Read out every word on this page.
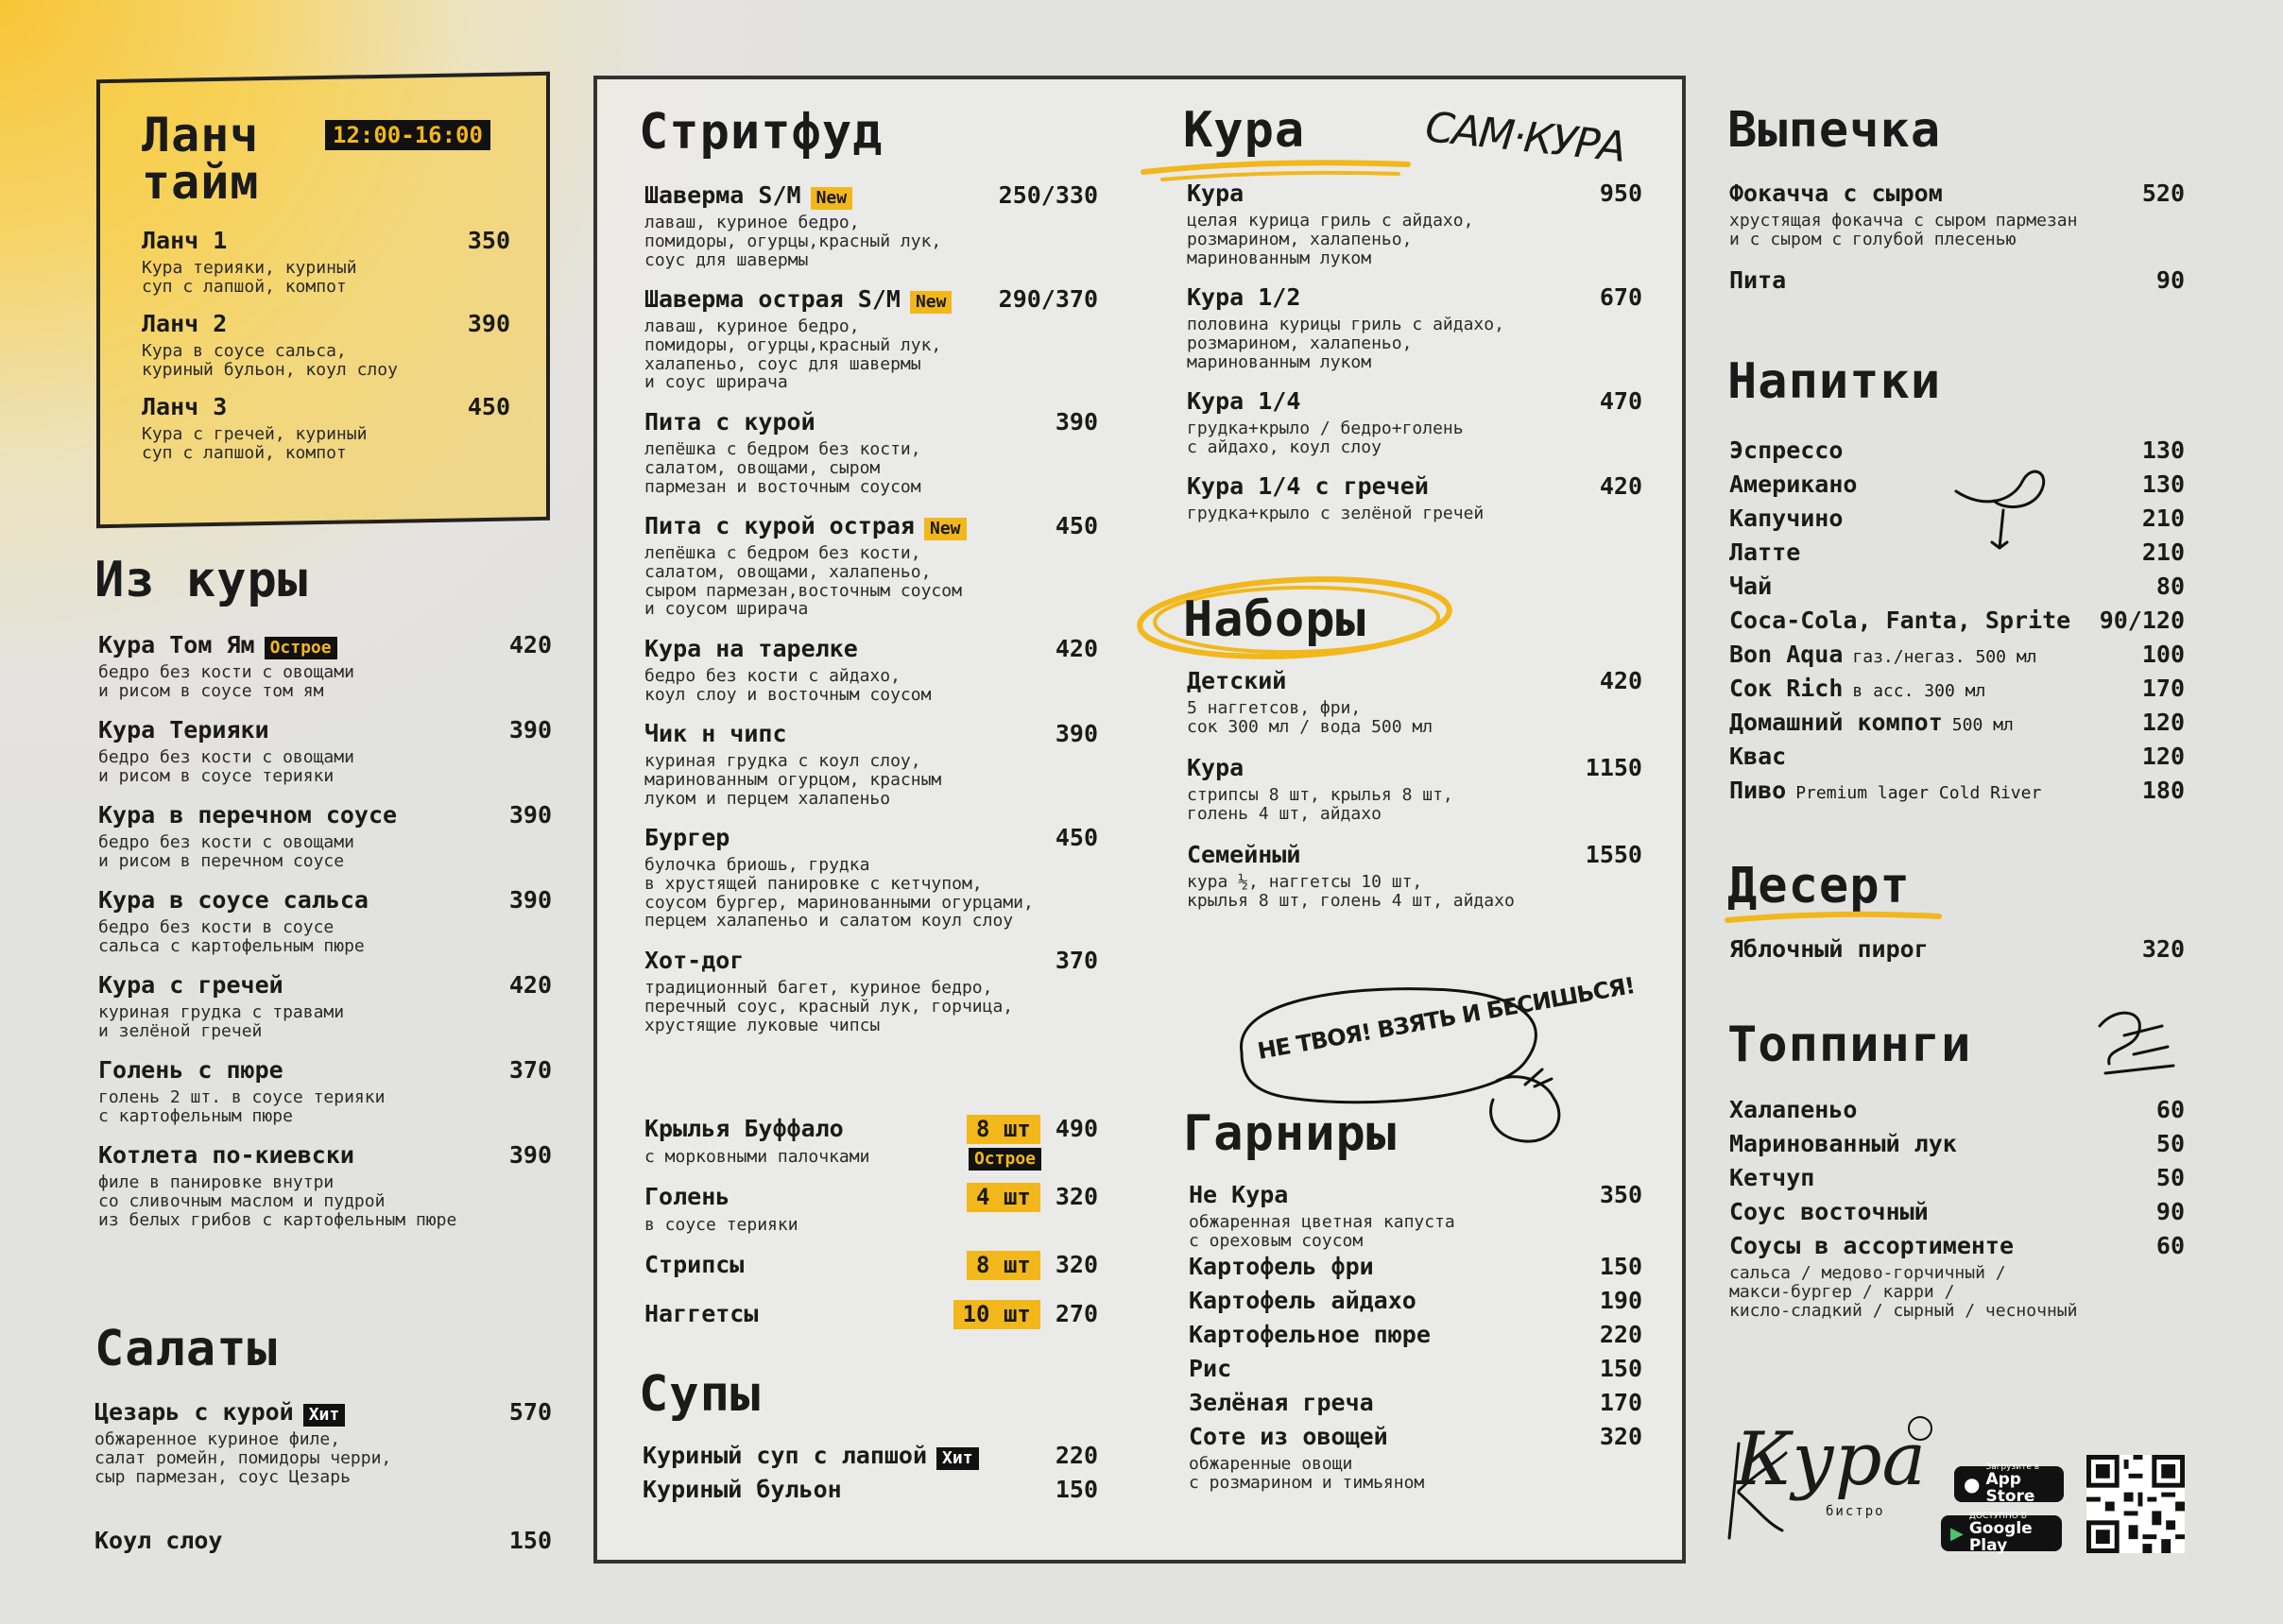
Ланч
тайм
12:00-16:00
Ланч 1	350
Кура терияки, куриный
суп с лапшой, компот
Ланч 2	390
Кура в соусе сальса,
куриный бульон, коул слоу
Ланч 3	450
Кура с гречей, куриный
суп с лапшой, компот
Из куры
Кура Том Ям Острое	420
бедро без кости с овощами
и рисом в соусе том ям
Кура Терияки	390
бедро без кости с овощами
и рисом в соусе терияки
Кура в перечном соусе	390
бедро без кости с овощами
и рисом в перечном соусе
Кура в соусе сальса	390
бедро без кости в соусе
сальса с картофельным пюре
Кура с гречей	420
куриная грудка с травами
и зелёной гречей
Голень с пюре	370
голень 2 шт. в соусе терияки
с картофельным пюре
Котлета по-киевски	390
филе в панировке внутри
со сливочным маслом и пудрой
из белых грибов с картофельным пюре
Салаты
Цезарь с курой Хит	570
обжаренное куриное филе,
салат ромейн, помидоры черри,
сыр пармезан, соус Цезарь
Коул слоу	150
Стритфуд
Шаверма S/M New	250/330
лаваш, куриное бедро,
помидоры, огурцы,красный лук,
соус для шавермы
Шаверма острая S/M New 290/370
лаваш, куриное бедро,
помидоры, огурцы,красный лук,
халапеньо, соус для шавермы
и соус шрирача
Пита с курой	390
лепёшка с бедром без кости,
салатом, овощами, сыром
пармезан и восточным соусом
Пита с курой острая New	450
лепёшка с бедром без кости,
салатом, овощами, халапеньо,
сыром пармезан,восточным соусом
и соусом шрирача
Кура на тарелке	420
бедро без кости с айдахо,
коул слоу и восточным соусом
Чик н чипс	390
куриная грудка с коул слоу,
маринованным огурцом, красным
луком и перцем халапеньо
Бургер	450
булочка бриошь, грудка
в хрустящей панировке с кетчупом,
соусом бургер, маринованными огурцами,
перцем халапеньо и салатом коул слоу
Хот-дог	370
традиционный багет, куриное бедро,
перечный соус, красный лук, горчица,
хрустящие луковые чипсы
Крылья Буффало	8 шт	490
с морковными палочками	Острое
Голень	4 шт	320
в соусе терияки
Стрипсы	8 шт	320
Наггетсы	10 шт	270
Супы
Куриный суп с лапшой Хит	220
Куриный бульон	150
Кура	САМ·КУРА
Кура	950
целая курица гриль с айдахо,
розмарином, халапеньо,
маринованным луком
Кура 1/2	670
половина курицы гриль с айдахо,
розмарином, халапеньо,
маринованным луком
Кура 1/4	470
грудка+крыло / бедро+голень
с айдахо, коул слоу
Кура 1/4 с гречей	420
грудка+крыло с зелёной гречей
Наборы
Детский	420
5 наггетсов, фри,
сок 300 мл / вода 500 мл
Кура	1150
стрипсы 8 шт, крылья 8 шт,
голень 4 шт, айдахо
Семейный	1550
кура ½, наггетсы 10 шт,
крылья 8 шт, голень 4 шт, айдахо
НЕ ТВОЯ! ВЗЯТЬ И БЕСИШЬСЯ!
Гарниры
Не Кура	350
обжаренная цветная капуста
с ореховым соусом
Картофель фри	150
Картофель айдахо	190
Картофельное пюре	220
Рис	150
Зелёная греча	170
Соте из овощей	320
обжаренные овощи
с розмарином и тимьяном
Выпечка
Фокачча с сыром	520
хрустящая фокачча с сыром пармезан
и с сыром с голубой плесенью
Пита	90
Напитки
Эспрессо	130
Американо	130
Капучино	210
Латте	210
Чай	80
Coca-Cola, Fanta, Sprite 90/120
Bon Aqua газ./негаз. 500 мл	100
Сок Rich в асс. 300 мл	170
Домашний компот 500 мл	120
Квас	120
Пиво Premium lager Cold River	180
Десерт
Яблочный пирог	320
Топпинги
Халапеньо	60
Маринованный лук	50
Кетчуп	50
Соус восточный	90
Соусы в ассортименте	60
сальса / медово-горчичный /
макси-бургер / карри /
кисло-сладкий / сырный / чесночный
Кура
бистро
●
Загрузите в
App Store
▶
ДОСТУПНО В
Google Play
